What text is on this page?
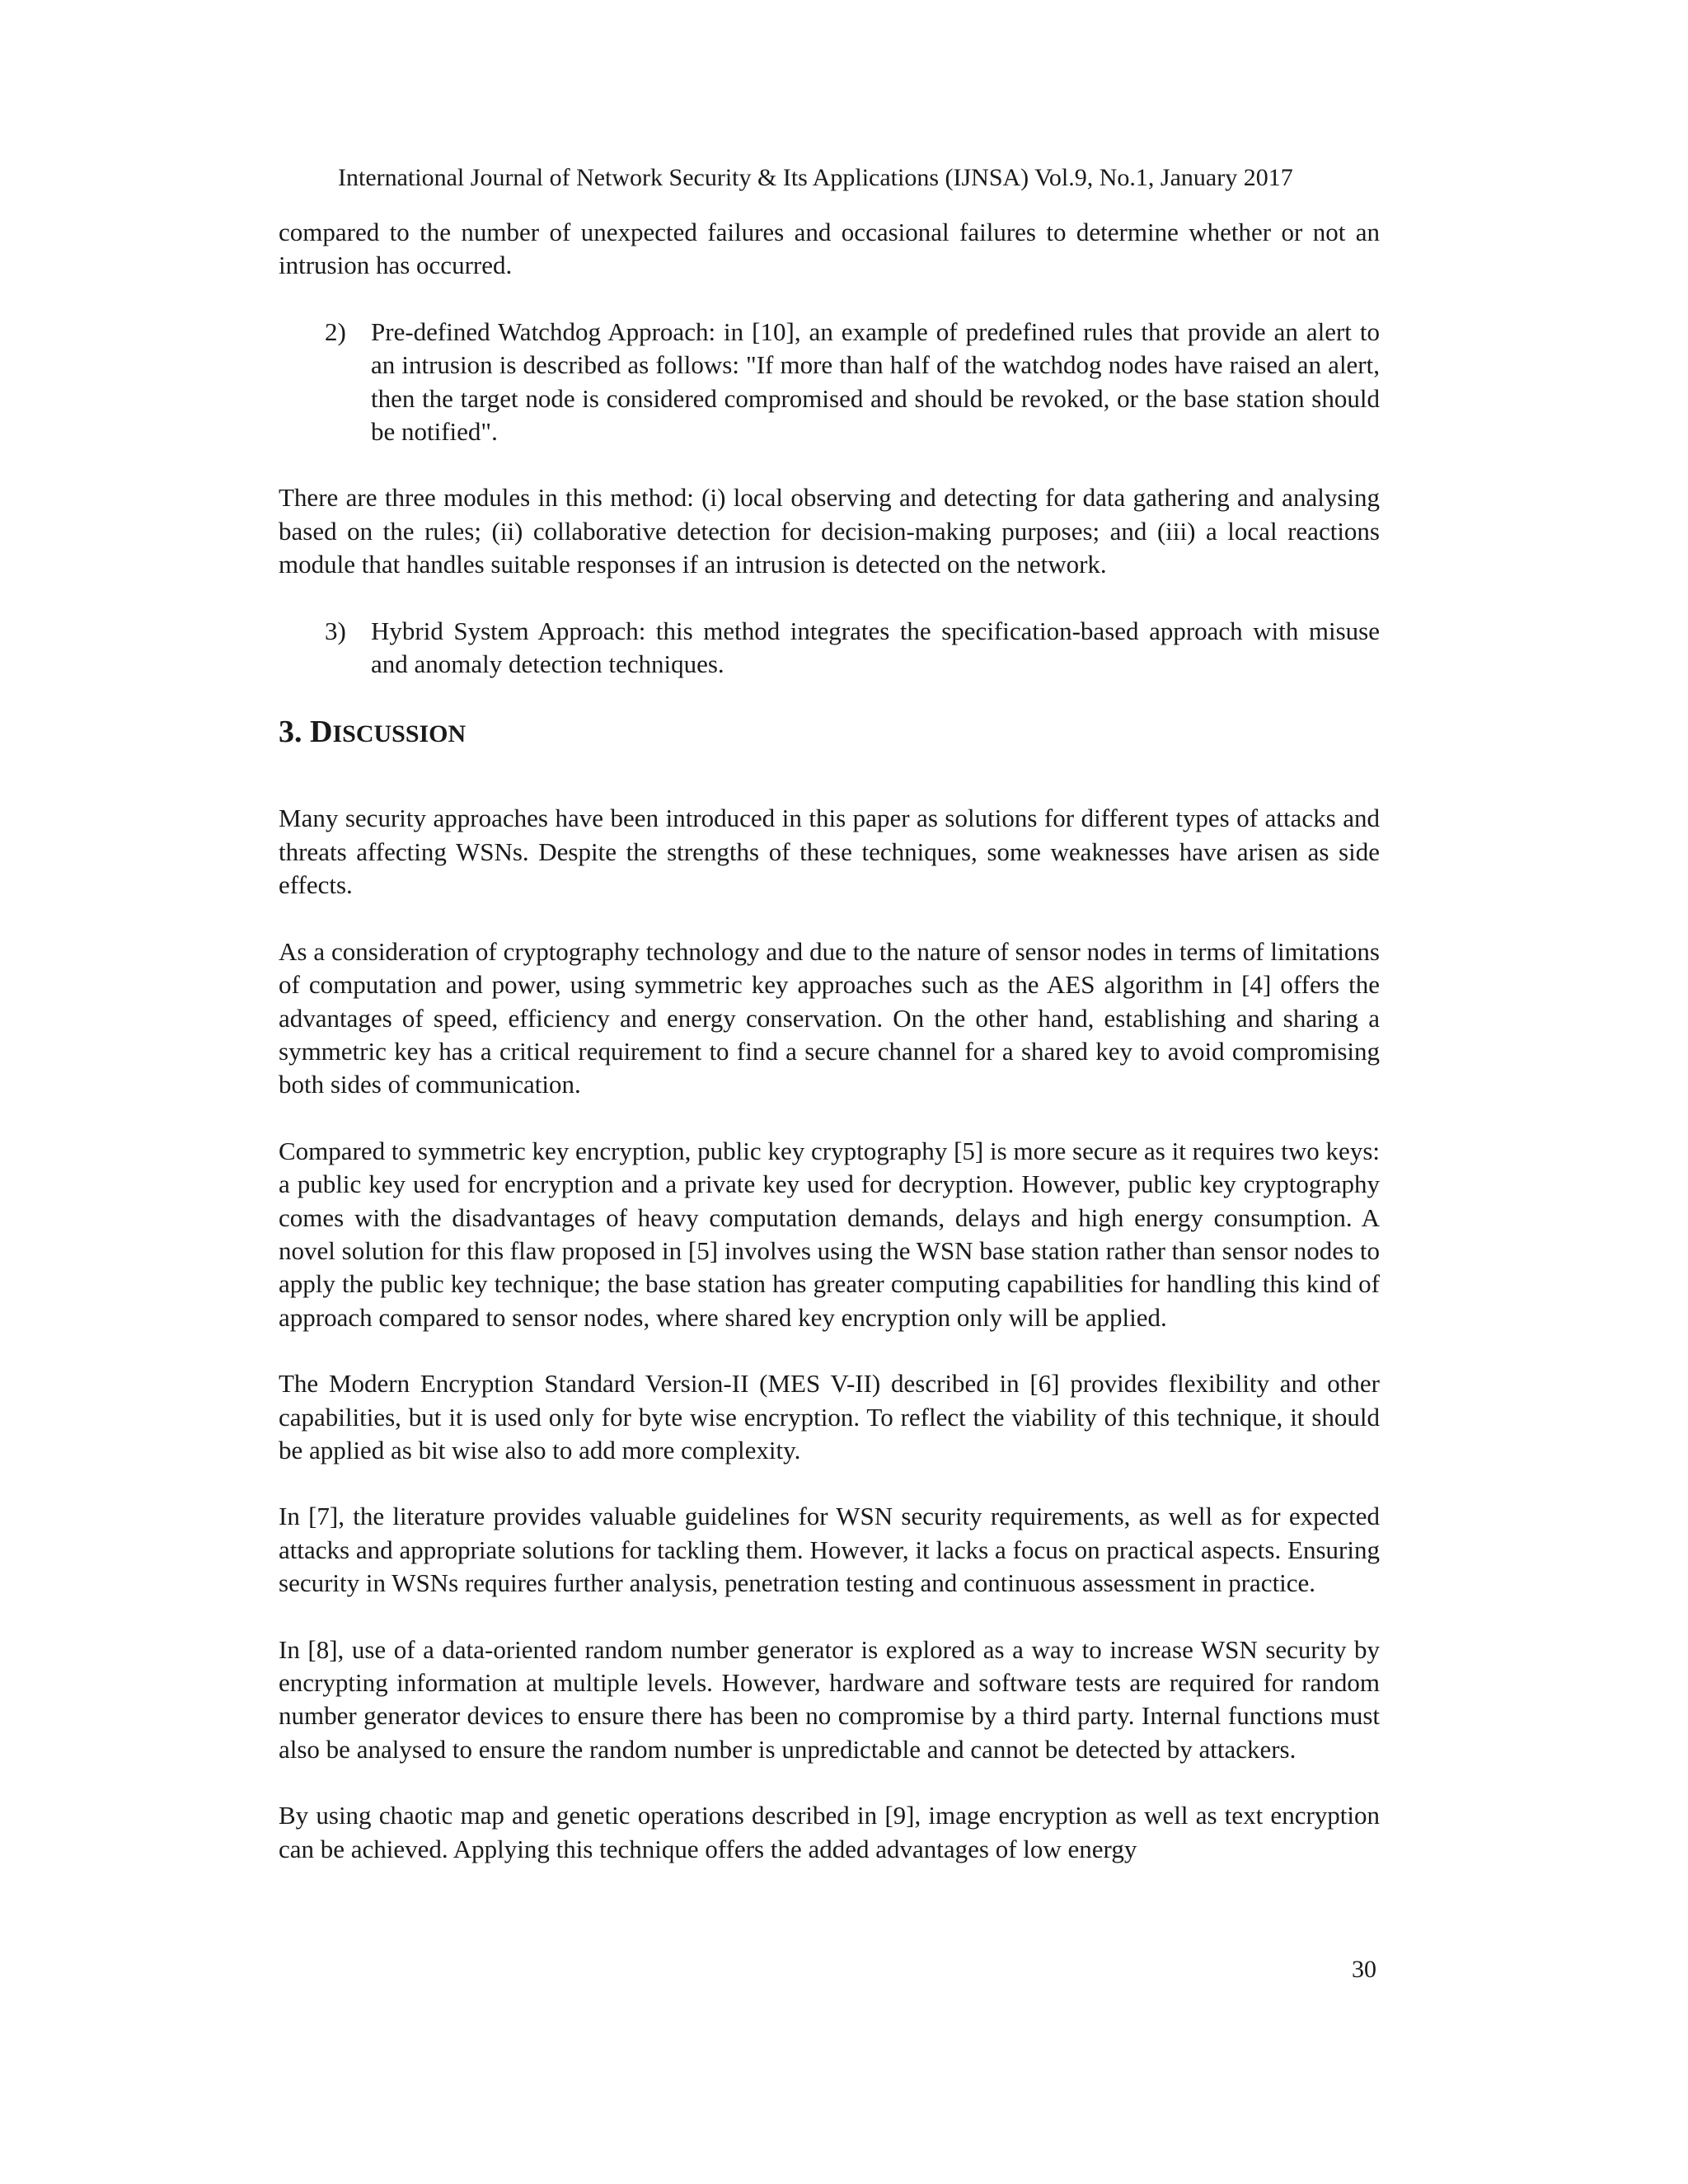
International Journal of Network Security & Its Applications (IJNSA) Vol.9, No.1, January 2017

compared to the number of unexpected failures and occasional failures to determine whether or not an intrusion has occurred.

2) Pre-defined Watchdog Approach: in [10], an example of predefined rules that provide an alert to an intrusion is described as follows: "If more than half of the watchdog nodes have raised an alert, then the target node is considered compromised and should be revoked, or the base station should be notified".

There are three modules in this method: (i) local observing and detecting for data gathering and analysing based on the rules; (ii) collaborative detection for decision-making purposes; and (iii) a local reactions module that handles suitable responses if an intrusion is detected on the network.

3) Hybrid System Approach: this method integrates the specification-based approach with misuse and anomaly detection techniques.

3. DISCUSSION

Many security approaches have been introduced in this paper as solutions for different types of attacks and threats affecting WSNs. Despite the strengths of these techniques, some weaknesses have arisen as side effects.

As a consideration of cryptography technology and due to the nature of sensor nodes in terms of limitations of computation and power, using symmetric key approaches such as the AES algorithm in [4] offers the advantages of speed, efficiency and energy conservation. On the other hand, establishing and sharing a symmetric key has a critical requirement to find a secure channel for a shared key to avoid compromising both sides of communication.

Compared to symmetric key encryption, public key cryptography [5] is more secure as it requires two keys: a public key used for encryption and a private key used for decryption. However, public key cryptography comes with the disadvantages of heavy computation demands, delays and high energy consumption. A novel solution for this flaw proposed in [5] involves using the WSN base station rather than sensor nodes to apply the public key technique; the base station has greater computing capabilities for handling this kind of approach compared to sensor nodes, where shared key encryption only will be applied.

The Modern Encryption Standard Version-II (MES V-II) described in [6] provides flexibility and other capabilities, but it is used only for byte wise encryption. To reflect the viability of this technique, it should be applied as bit wise also to add more complexity.

In [7], the literature provides valuable guidelines for WSN security requirements, as well as for expected attacks and appropriate solutions for tackling them. However, it lacks a focus on practical aspects. Ensuring security in WSNs requires further analysis, penetration testing and continuous assessment in practice.

In [8], use of a data-oriented random number generator is explored as a way to increase WSN security by encrypting information at multiple levels. However, hardware and software tests are required for random number generator devices to ensure there has been no compromise by a third party. Internal functions must also be analysed to ensure the random number is unpredictable and cannot be detected by attackers.

By using chaotic map and genetic operations described in [9], image encryption as well as text encryption can be achieved. Applying this technique offers the added advantages of low energy

30
